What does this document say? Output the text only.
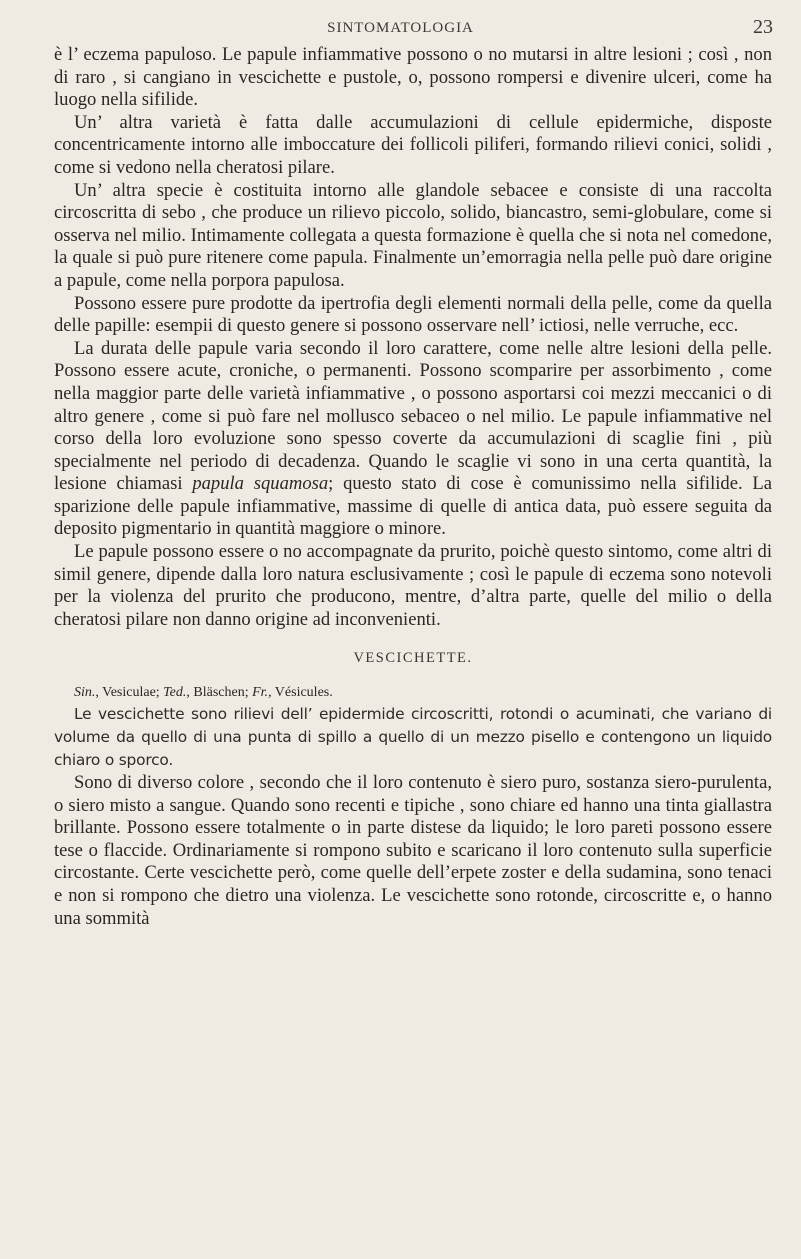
SINTOMATOLOGIA	23

è l’ eczema papuloso. Le papule infiammative possono o no mutarsi in altre lesioni ; così , non di raro , si cangiano in vescichette e pustole, o, possono rompersi e divenire ulceri, come ha luogo nella sifilide.

Un’ altra varietà è fatta dalle accumulazioni di cellule epidermiche, disposte concentricamente intorno alle imboccature dei follicoli piliferi, formando rilievi conici, solidi , come si vedono nella cheratosi pilare.

Un’ altra specie è costituita intorno alle glandole sebacee e consiste di una raccolta circoscritta di sebo , che produce un rilievo piccolo, solido, biancastro, semi-globulare, come si osserva nel milio. Intimamente collegata a questa formazione è quella che si nota nel comedone, la quale si può pure ritenere come papula. Finalmente un’emorragia nella pelle può dare origine a papule, come nella porpora papulosa.

Possono essere pure prodotte da ipertrofia degli elementi normali della pelle, come da quella delle papille: esempii di questo genere si possono osservare nell’ ictiosi, nelle verruche, ecc.

La durata delle papule varia secondo il loro carattere, come nelle altre lesioni della pelle. Possono essere acute, croniche, o permanenti. Possono scomparire per assorbimento , come nella maggior parte delle varietà infiammative , o possono asportarsi coi mezzi meccanici o di altro genere , come si può fare nel mollusco sebaceo o nel milio. Le papule infiammative nel corso della loro evoluzione sono spesso coverte da accumulazioni di scaglie fini , più specialmente nel periodo di decadenza. Quando le scaglie vi sono in una certa quantità, la lesione chiamasi papula squamosa; questo stato di cose è comunissimo nella sifilide. La sparizione delle papule infiammative, massime di quelle di antica data, può essere seguita da deposito pigmentario in quantità maggiore o minore.

Le papule possono essere o no accompagnate da prurito, poichè questo sintomo, come altri di simil genere, dipende dalla loro natura esclusivamente ; così le papule di eczema sono notevoli per la violenza del prurito che producono, mentre, d’altra parte, quelle del milio o della cheratosi pilare non danno origine ad inconvenienti.

VESCICHETTE.

Sin., Vesiculae; Ted., Bläschen; Fr., Vésicules.

Le vescichette sono rilievi dell’ epidermide circoscritti, rotondi o acuminati, che variano di volume da quello di una punta di spillo a quello di un mezzo pisello e contengono un liquido chiaro o sporco.

Sono di diverso colore , secondo che il loro contenuto è siero puro, sostanza siero-purulenta, o siero misto a sangue. Quando sono recenti e tipiche , sono chiare ed hanno una tinta giallastra brillante. Possono essere totalmente o in parte distese da liquido; le loro pareti possono essere tese o flaccide. Ordinariamente si rompono subito e scaricano il loro contenuto sulla superficie circostante. Certe vescichette però, come quelle dell’erpete zoster e della sudamina, sono tenaci e non si rompono che dietro una violenza. Le vescichette sono rotonde, circoscritte e, o hanno una sommità
